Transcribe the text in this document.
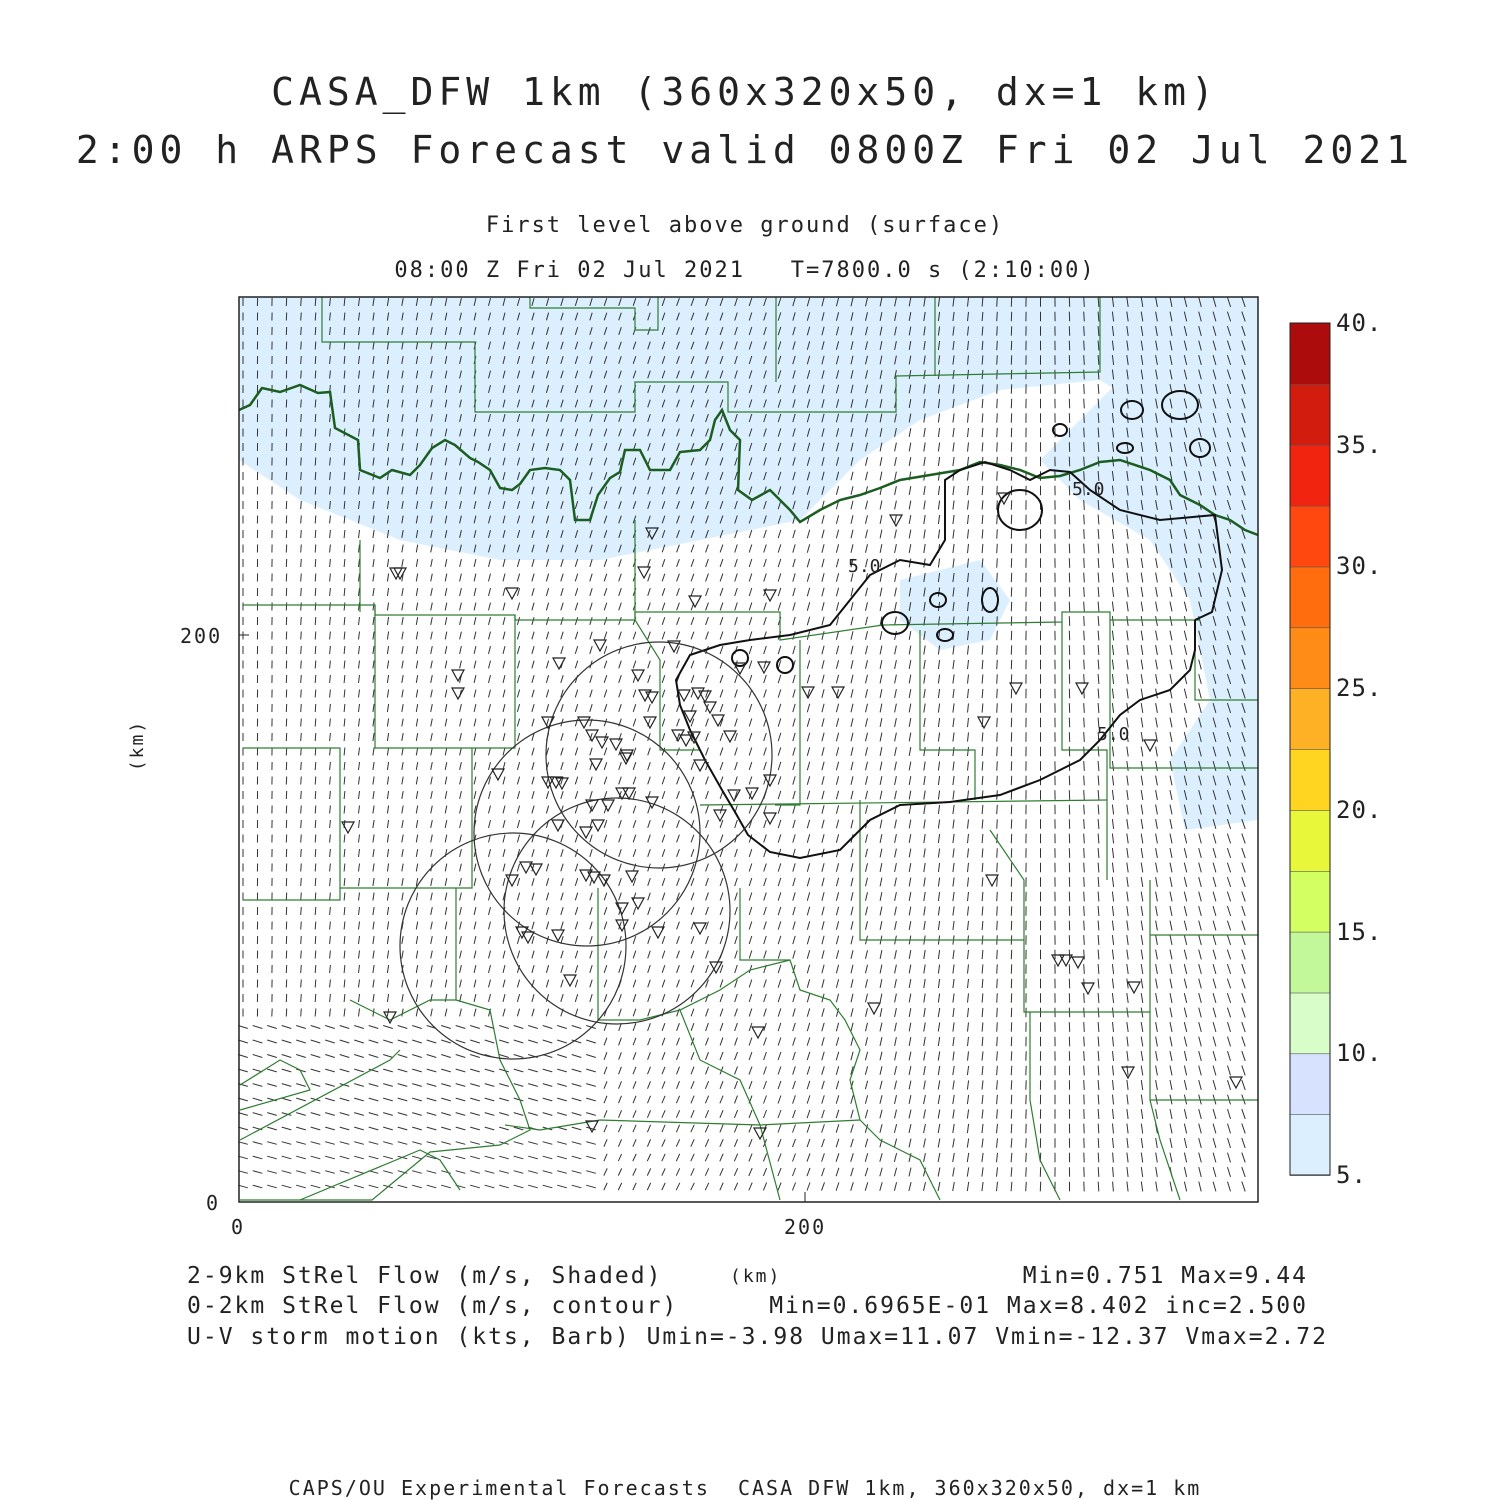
5.0
5.0
5.0
CASA_DFW 1km (360x320x50, dx=1 km)
2:00 h ARPS Forecast valid 0800Z Fri 02 Jul 2021
First level above ground (surface)
08:00 Z Fri 02 Jul 2021   T=7800.0 s (2:10:00)
200
0
0	200
(km)
5.
10.
15.
20.
25.
30.
35.
40.
2-9km StRel Flow (m/s, Shaded)	(km)	Min=0.751 Max=9.44
0-2km StRel Flow (m/s, contour)	Min=0.6965E-01 Max=8.402 inc=2.500
U-V storm motion (kts, Barb) Umin=-3.98 Umax=11.07 Vmin=-12.37 Vmax=2.72
CAPS/OU Experimental Forecasts  CASA DFW 1km, 360x320x50, dx=1 km
